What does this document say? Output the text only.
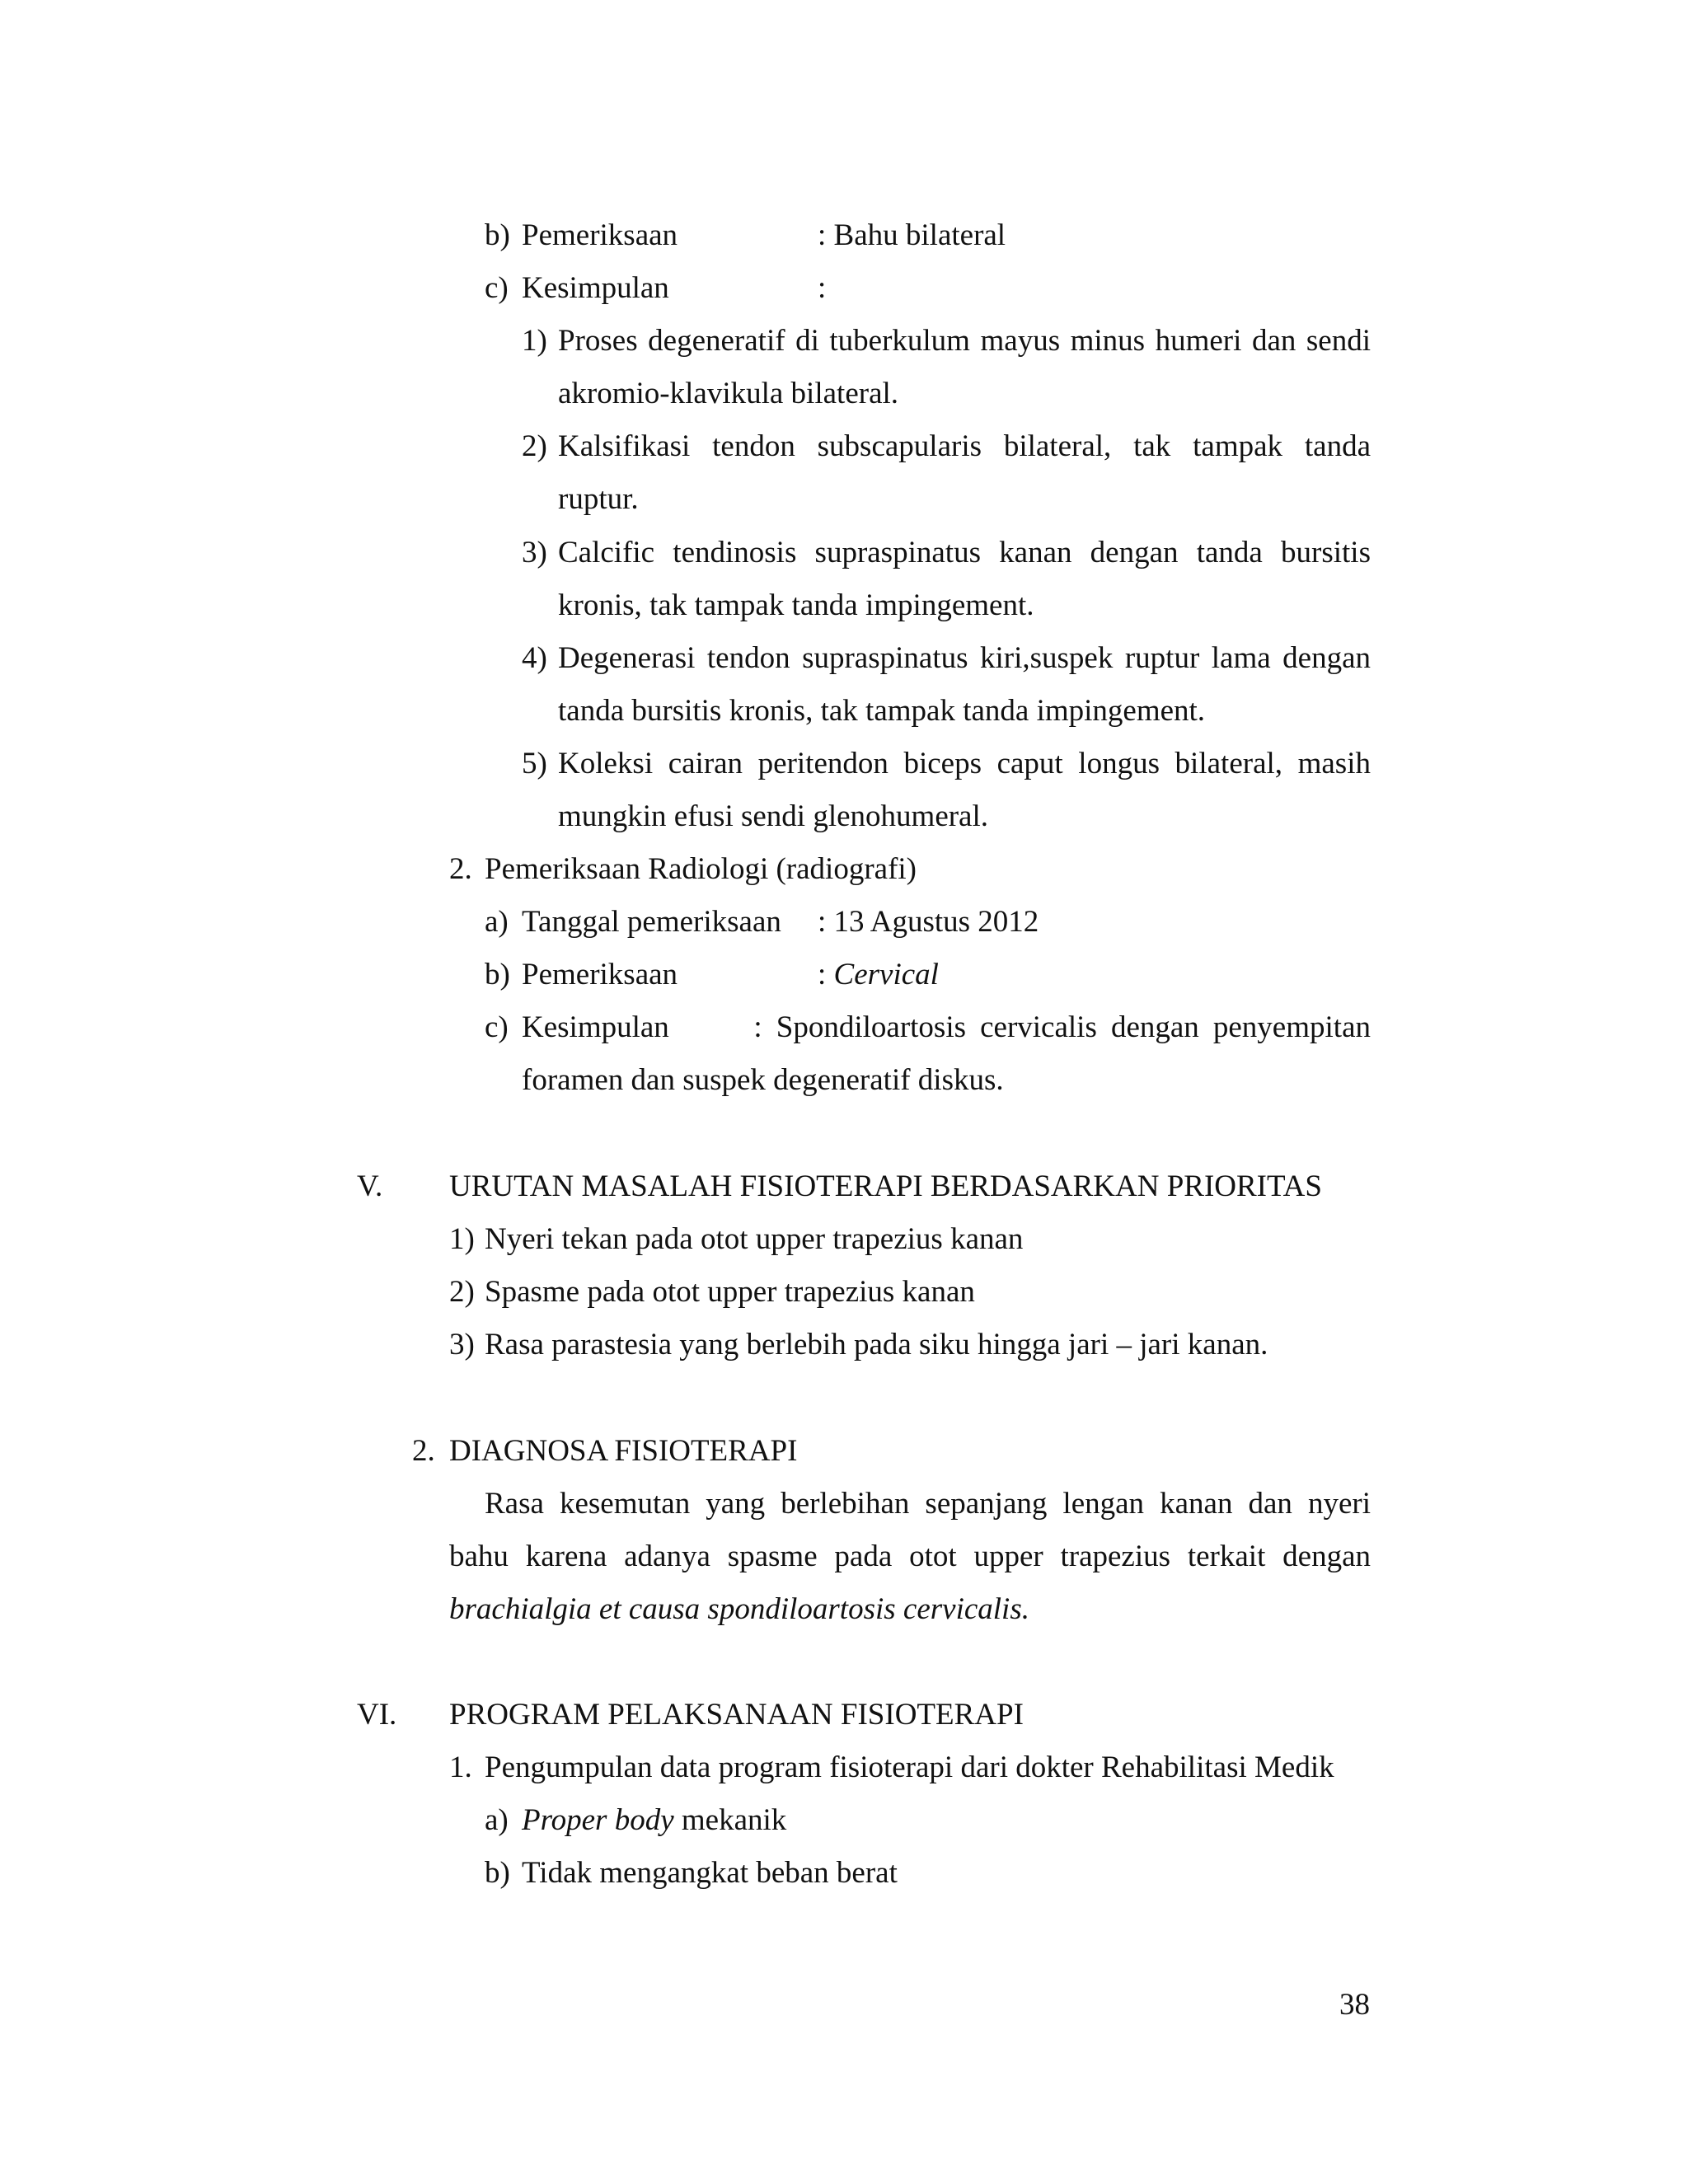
b) Pemeriksaan	: Bahu bilateral
c) Kesimpulan	:
1) Proses degeneratif di tuberkulum mayus minus humeri dan sendi
akromio-klavikula bilateral.
2) Kalsifikasi tendon subscapularis bilateral, tak tampak tanda
ruptur.
3) Calcific tendinosis supraspinatus kanan dengan tanda bursitis
kronis, tak tampak tanda impingement.
4) Degenerasi tendon supraspinatus kiri,suspek ruptur lama dengan
tanda bursitis kronis, tak tampak tanda impingement.
5) Koleksi cairan peritendon biceps caput longus bilateral, masih
mungkin efusi sendi glenohumeral.
2. Pemeriksaan Radiologi (radiografi)
a) Tanggal pemeriksaan : 13 Agustus 2012
b) Pemeriksaan	: Cervical
c) Kesimpulan      : Spondiloartosis cervicalis dengan penyempitan
foramen dan suspek degeneratif diskus.
V. URUTAN MASALAH FISIOTERAPI BERDASARKAN PRIORITAS
1) Nyeri tekan pada otot upper trapezius kanan
2) Spasme pada otot upper trapezius kanan
3) Rasa parastesia yang berlebih pada siku hingga jari – jari kanan.
2. DIAGNOSA FISIOTERAPI
Rasa kesemutan yang berlebihan sepanjang lengan kanan dan nyeri
bahu karena adanya spasme pada otot upper trapezius terkait dengan
brachialgia et causa spondiloartosis cervicalis.
VI. PROGRAM PELAKSANAAN FISIOTERAPI
1. Pengumpulan data program fisioterapi dari dokter Rehabilitasi Medik
a) Proper body mekanik
b) Tidak mengangkat beban berat
38
